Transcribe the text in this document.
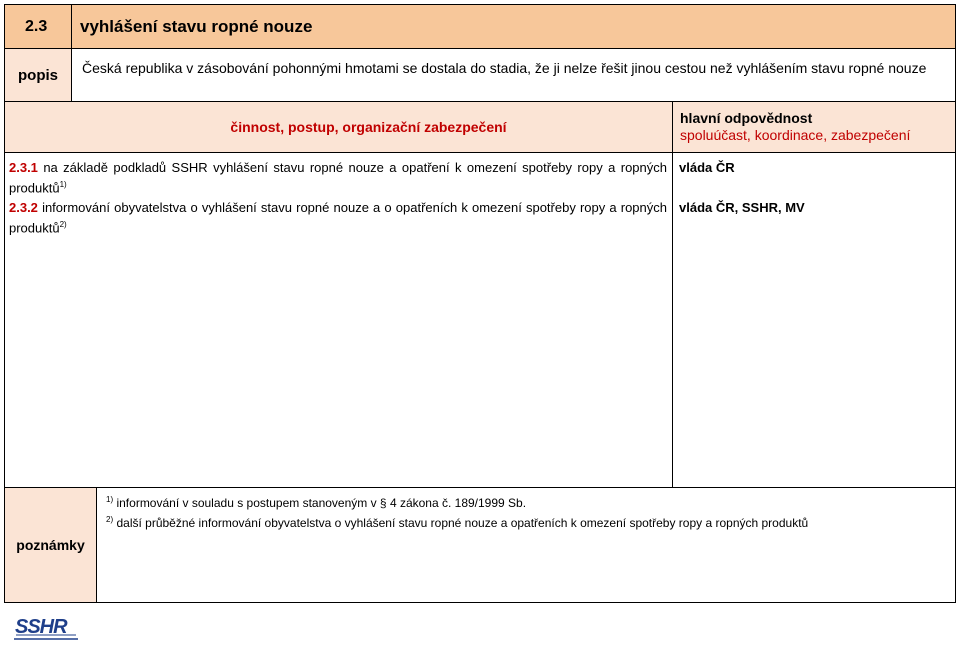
2.3 vyhlášení stavu ropné nouze
popis	Česká republika v zásobování pohonnými hmotami se dostala do stadia, že ji nelze řešit jinou cestou než vyhlášením stavu ropné nouze
činnost, postup, organizační zabezpečení
hlavní odpovědnost
spoluúčast, koordinace, zabezpečení
2.3.1 na základě podkladů SSHR vyhlášení stavu ropné nouze a opatření k omezení spotřeby ropy a ropných produktů$^{1)}$
vláda ČR
2.3.2 informování obyvatelstva o vyhlášení stavu ropné nouze a o opatřeních k omezení spotřeby ropy a ropných produktů$^{2)}$
vláda ČR, SSHR, MV
poznámky
$^{1)}$ informování v souladu s postupem stanoveným v § 4 zákona č. 189/1999 Sb.
$^{2)}$ další průběžné informování obyvatelstva o vyhlášení stavu ropné nouze a opatřeních k omezení spotřeby ropy a ropných produktů
SSHR
